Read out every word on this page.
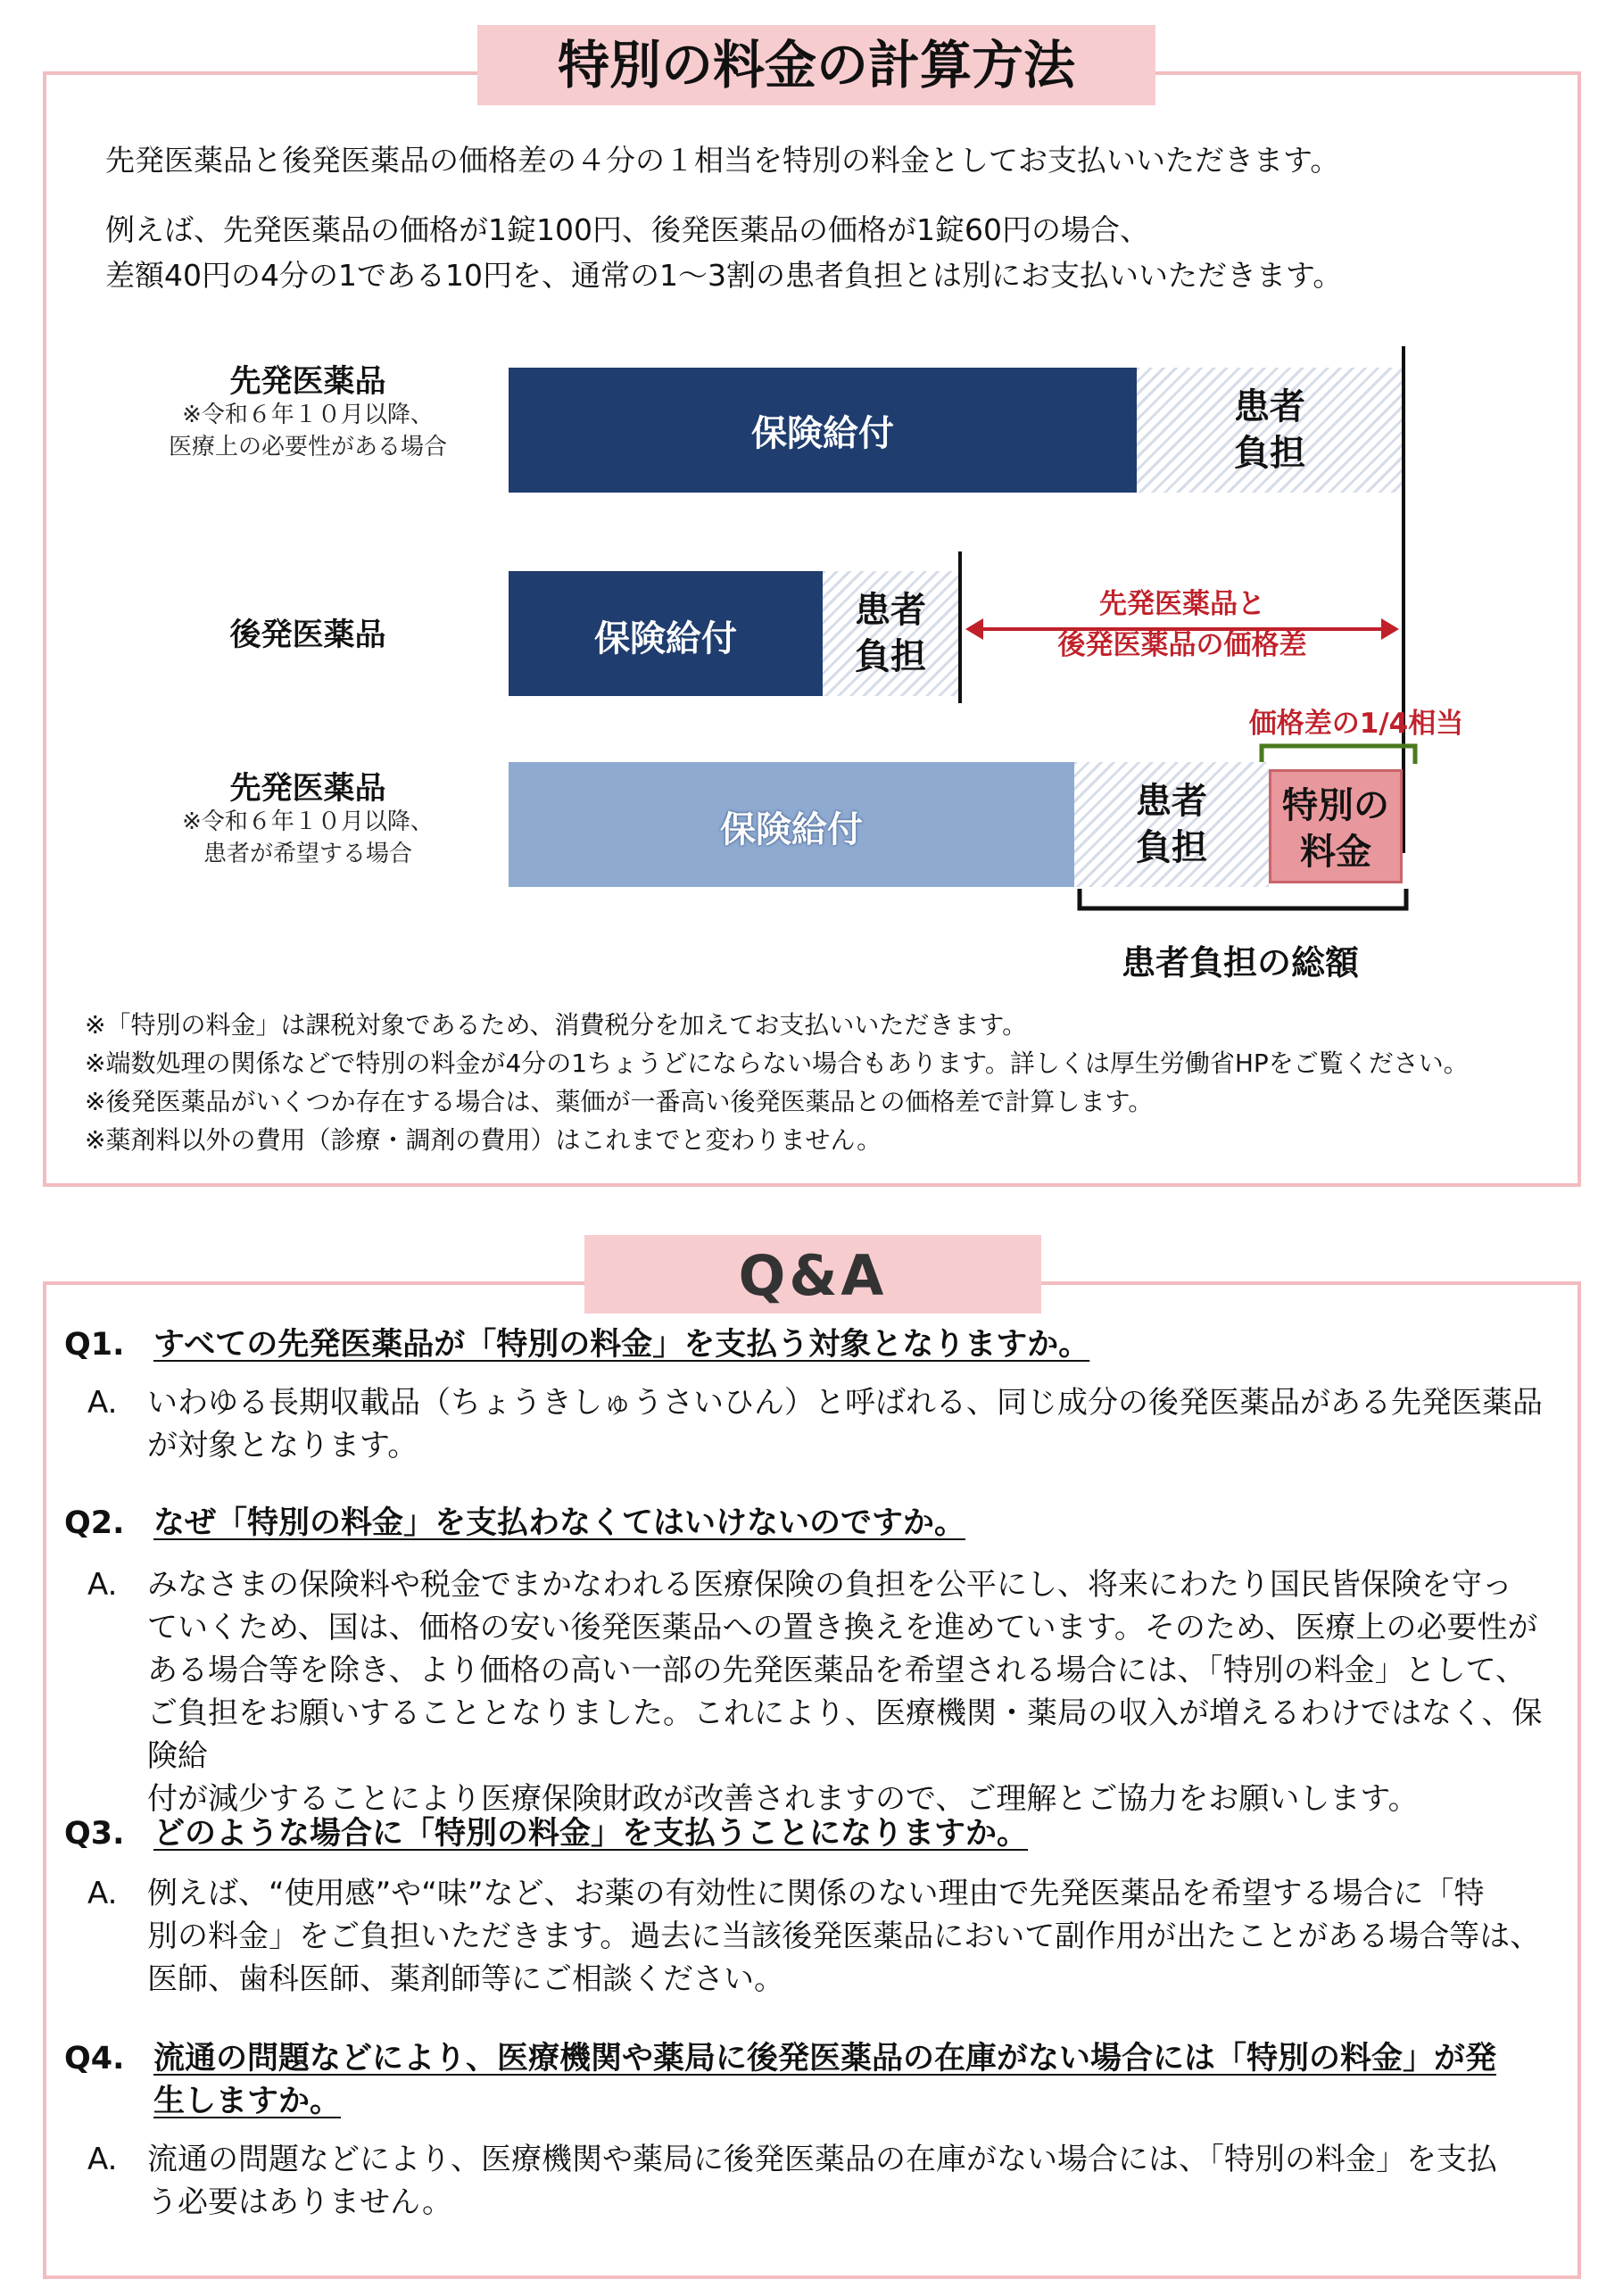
特別の料金の計算方法
先発医薬品と後発医薬品の価格差の４分の１相当を特別の料金としてお支払いいただきます。
例えば、先発医薬品の価格が1錠100円、後発医薬品の価格が1錠60円の場合、
差額40円の4分の1である10円を、通常の1～3割の患者負担とは別にお支払いいただきます。
先発医薬品
※令和６年１０月以降、
医療上の必要性がある場合	保険給付
患者
負担
後発医薬品	保険給付
患者
負担
先発医薬品と
後発医薬品の価格差
先発医薬品
※令和６年１０月以降、
患者が希望する場合
価格差の1/4相当
保険給付
患者
負担
特別の
料金
患者負担の総額
※「特別の料金」は課税対象であるため、消費税分を加えてお支払いいただきます。
※端数処理の関係などで特別の料金が4分の1ちょうどにならない場合もあります。詳しくは厚生労働省HPをご覧ください。
※後発医薬品がいくつか存在する場合は、薬価が一番高い後発医薬品との価格差で計算します。
※薬剤料以外の費用（診療・調剤の費用）はこれまでと変わりません。
Q&A
Q1. すべての先発医薬品が「特別の料金」を支払う対象となりますか。
A. いわゆる長期収載品（ちょうきしゅうさいひん）と呼ばれる、同じ成分の後発医薬品がある先発医薬品
が対象となります。
Q2. なぜ「特別の料金」を支払わなくてはいけないのですか。
A. みなさまの保険料や税金でまかなわれる医療保険の負担を公平にし、将来にわたり国民皆保険を守っ
ていくため、国は、価格の安い後発医薬品への置き換えを進めています。そのため、医療上の必要性が
ある場合等を除き、より価格の高い一部の先発医薬品を希望される場合には、「特別の料金」として、
ご負担をお願いすることとなりました。これにより、医療機関・薬局の収入が増えるわけではなく、保険給
付が減少することにより医療保険財政が改善されますので、ご理解とご協力をお願いします。
Q3. どのような場合に「特別の料金」を支払うことになりますか。
A. 例えば、“使用感”や“味”など、お薬の有効性に関係のない理由で先発医薬品を希望する場合に「特
別の料金」をご負担いただきます。過去に当該後発医薬品において副作用が出たことがある場合等は、
医師、歯科医師、薬剤師等にご相談ください。
Q4. 流通の問題などにより、医療機関や薬局に後発医薬品の在庫がない場合には「特別の料金」が発
生しますか。
A. 流通の問題などにより、医療機関や薬局に後発医薬品の在庫がない場合には、「特別の料金」を支払
う必要はありません。
